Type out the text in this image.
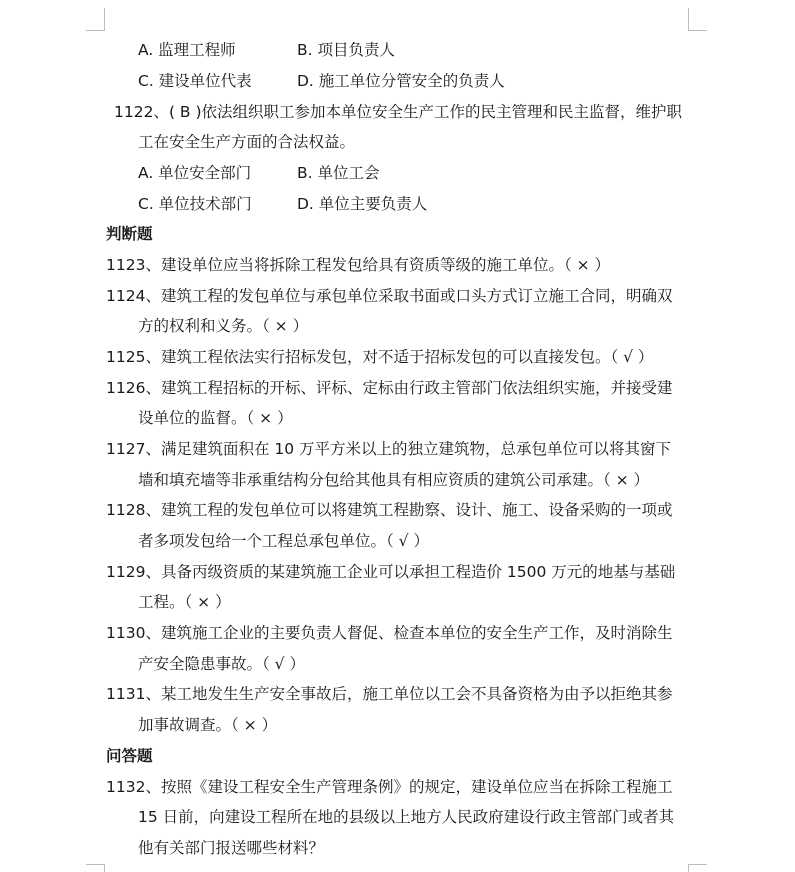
A. 监理工程师	B. 项目负责人
C. 建设单位代表	D. 施工单位分管安全的负责人
1122、( B )依法组织职工参加本单位安全生产工作的民主管理和民主监督，维护职
工在安全生产方面的合法权益。
A. 单位安全部门	B. 单位工会
C. 单位技术部门	D. 单位主要负责人
判断题
1123、建设单位应当将拆除工程发包给具有资质等级的施工单位。（ × ）
1124、建筑工程的发包单位与承包单位采取书面或口头方式订立施工合同，明确双
方的权利和义务。（ × ）
1125、建筑工程依法实行招标发包，对不适于招标发包的可以直接发包。（ √ ）
1126、建筑工程招标的开标、评标、定标由行政主管部门依法组织实施，并接受建
设单位的监督。（ × ）
1127、满足建筑面积在 10 万平方米以上的独立建筑物，总承包单位可以将其窗下
墙和填充墙等非承重结构分包给其他具有相应资质的建筑公司承建。（ × ）
1128、建筑工程的发包单位可以将建筑工程勘察、设计、施工、设备采购的一项或
者多项发包给一个工程总承包单位。（ √ ）
1129、具备丙级资质的某建筑施工企业可以承担工程造价 1500 万元的地基与基础
工程。（ × ）
1130、建筑施工企业的主要负责人督促、检查本单位的安全生产工作，及时消除生
产安全隐患事故。（ √ ）
1131、某工地发生生产安全事故后，施工单位以工会不具备资格为由予以拒绝其参
加事故调查。（ × ）
问答题
1132、按照《建设工程安全生产管理条例》的规定，建设单位应当在拆除工程施工
15 日前，向建设工程所在地的县级以上地方人民政府建设行政主管部门或者其
他有关部门报送哪些材料？
